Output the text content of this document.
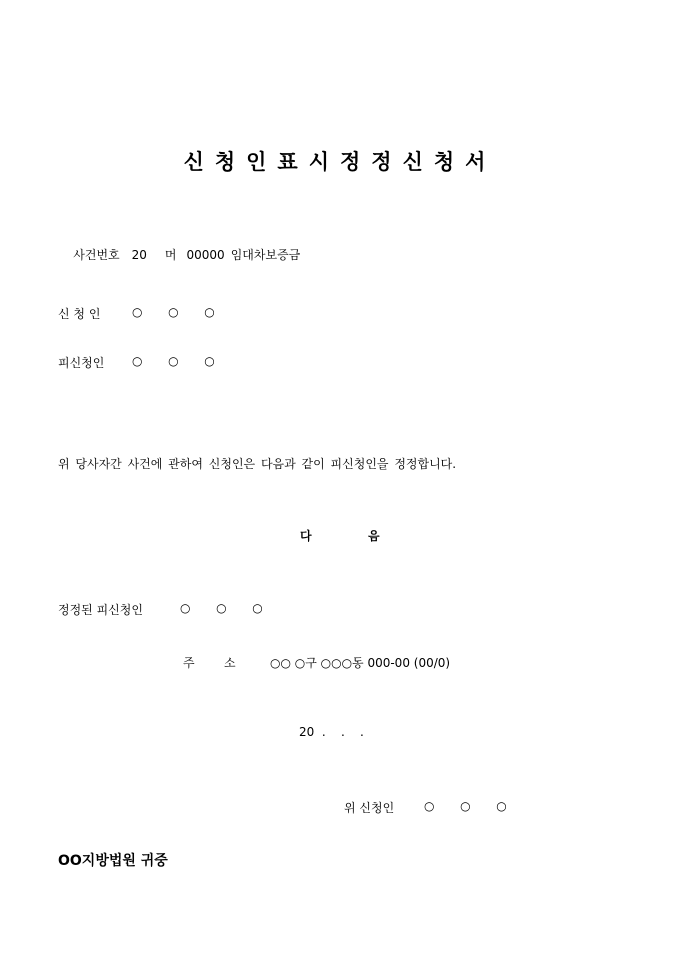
신청인표시정정신청서

사건번호 20 머 00000 임대차보증금

신 청 인	○  ○  ○
피신청인 ○  ○  ○
위 당사자간 사건에 관하여 신청인은 다음과 같이 피신청인을 정정합니다.
다	음
정정된 피신청인	○  ○  ○
주 소	○○ ○구 ○○○동 000-00 (00/0)
20  .    .    .
위 신청인 ○  ○  ○
OO지방법원 귀중
